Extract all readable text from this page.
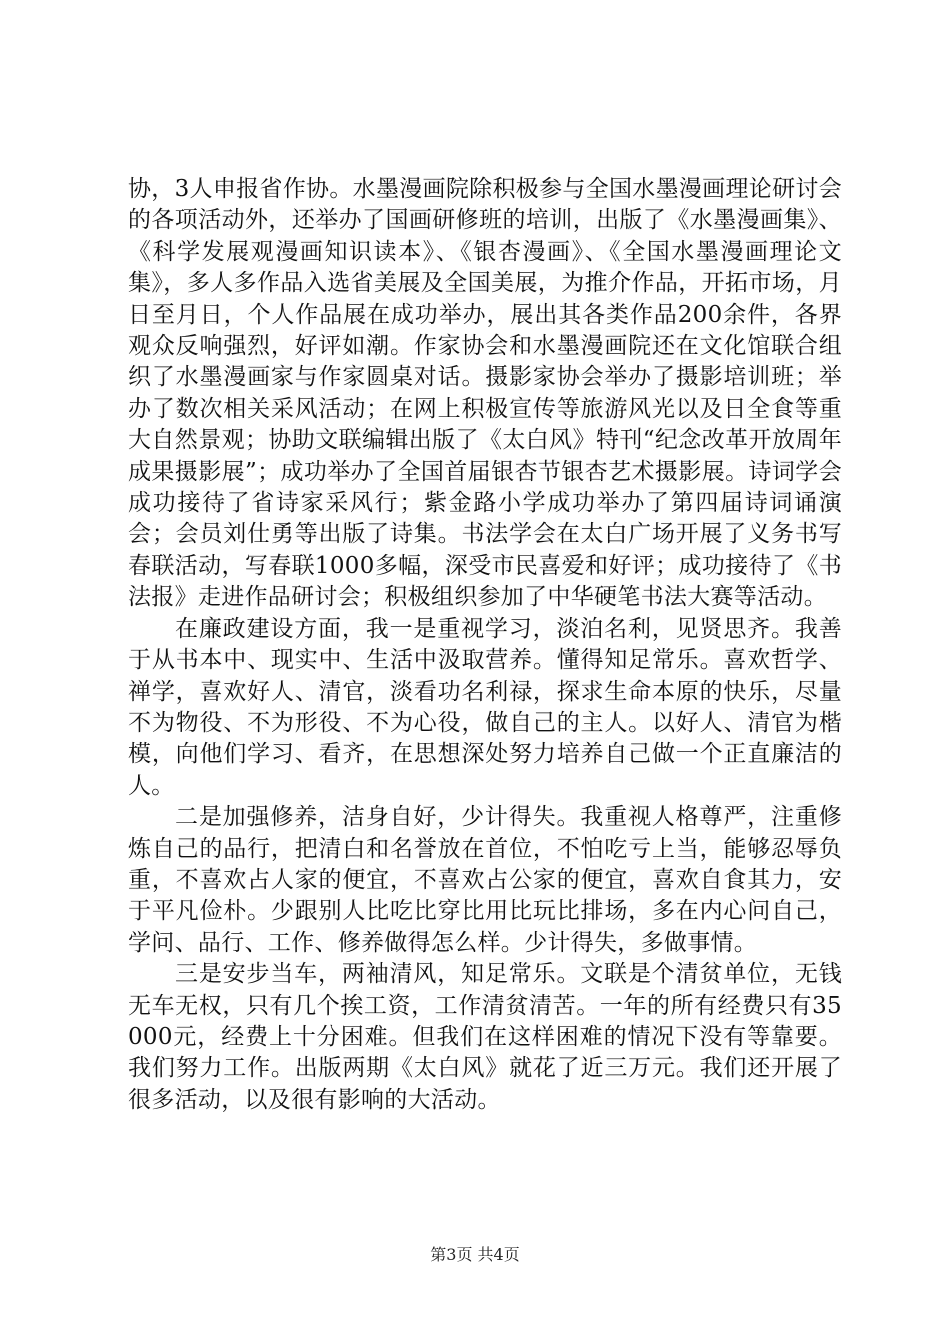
协，3人申报省作协。水墨漫画院除积极参与全国水墨漫画理论研讨会的各项活动外，还举办了国画研修班的培训，出版了《水墨漫画集》、《科学发展观漫画知识读本》、《银杏漫画》、《全国水墨漫画理论文集》，多人多作品入选省美展及全国美展，为推介作品，开拓市场，月日至月日，个人作品展在成功举办，展出其各类作品200余件，各界观众反响强烈，好评如潮。作家协会和水墨漫画院还在文化馆联合组织了水墨漫画家与作家圆桌对话。摄影家协会举办了摄影培训班；举办了数次相关采风活动；在网上积极宣传等旅游风光以及日全食等重大自然景观；协助文联编辑出版了《太白风》特刊“纪念改革开放周年成果摄影展”；成功举办了全国首届银杏节银杏艺术摄影展。诗词学会成功接待了省诗家采风行；紫金路小学成功举办了第四届诗词诵演会；会员刘仕勇等出版了诗集。书法学会在太白广场开展了义务书写春联活动，写春联1000多幅，深受市民喜爱和好评；成功接待了《书法报》走进作品研讨会；积极组织参加了中华硬笔书法大赛等活动。

在廉政建设方面，我一是重视学习，淡泊名利，见贤思齐。我善于从书本中、现实中、生活中汲取营养。懂得知足常乐。喜欢哲学、禅学，喜欢好人、清官，淡看功名利禄，探求生命本原的快乐，尽量不为物役、不为形役、不为心役，做自己的主人。以好人、清官为楷模，向他们学习、看齐，在思想深处努力培养自己做一个正直廉洁的人。

二是加强修养，洁身自好，少计得失。我重视人格尊严，注重修炼自己的品行，把清白和名誉放在首位，不怕吃亏上当，能够忍辱负重，不喜欢占人家的便宜，不喜欢占公家的便宜，喜欢自食其力，安于平凡俭朴。少跟别人比吃比穿比用比玩比排场，多在内心问自己，学问、品行、工作、修养做得怎么样。少计得失，多做事情。

三是安步当车，两袖清风，知足常乐。文联是个清贫单位，无钱无车无权，只有几个挨工资，工作清贫清苦。一年的所有经费只有35000元，经费上十分困难。但我们在这样困难的情况下没有等靠要。我们努力工作。出版两期《太白风》就花了近三万元。我们还开展了很多活动，以及很有影响的大活动。

第3页 共4页
